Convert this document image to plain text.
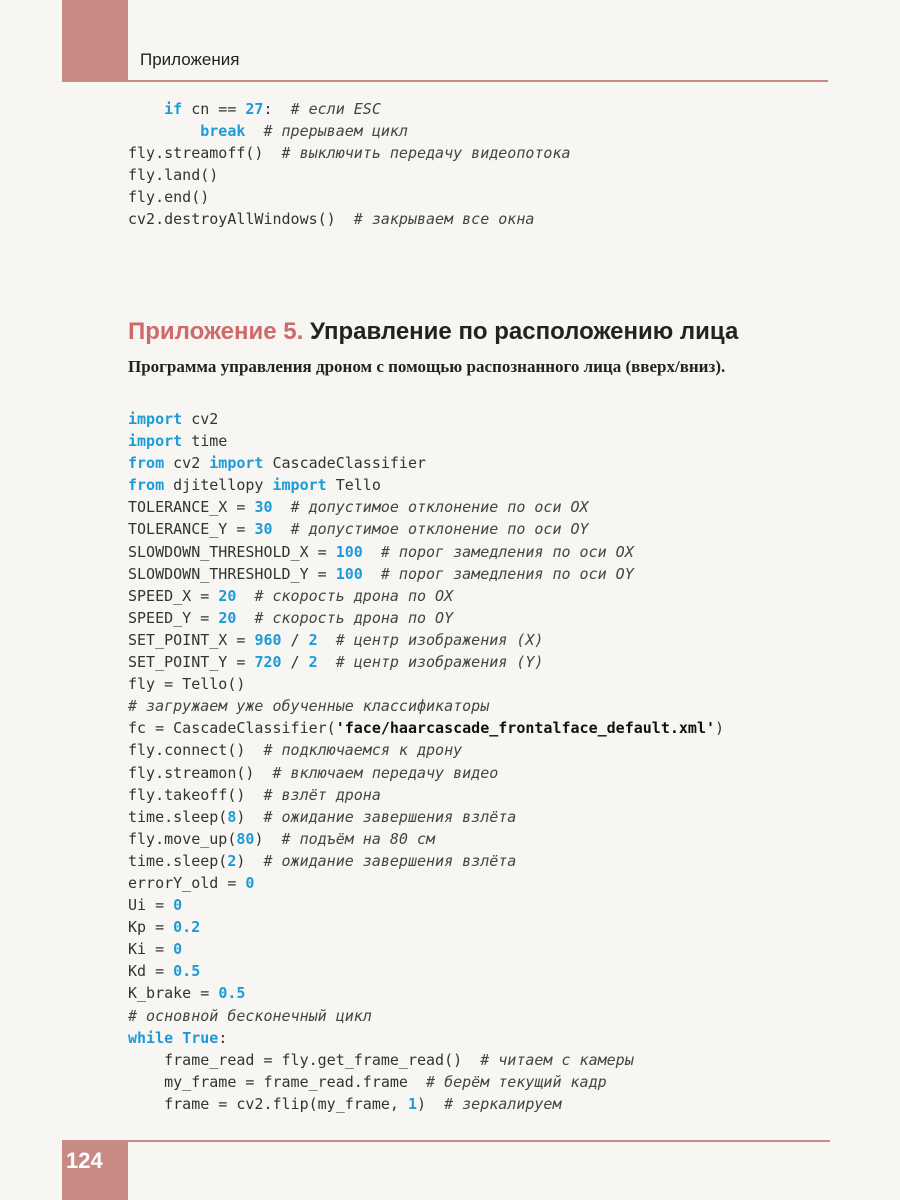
Приложения
if cn == 27:  # если ESC
break # прерываем цикл
fly.streamoff()  # выключить передачу видеопотока
fly.land()
fly.end()
cv2.destroyAllWindows()  # закрываем все окна
Приложение 5. Управление по расположению лица
Программа управления дроном с помощью распознанного лица (вверх/вниз).
import cv2
import time
from cv2 import CascadeClassifier
from djitellopy import Tello
TOLERANCE_X = 30 # допустимое отклонение по оси OX
TOLERANCE_Y = 30 # допустимое отклонение по оси OY
SLOWDOWN_THRESHOLD_X = 100 # порог замедления по оси OX
SLOWDOWN_THRESHOLD_Y = 100 # порог замедления по оси OY
SPEED_X = 20 # скорость дрона по OX
SPEED_Y = 20 # скорость дрона по OY
SET_POINT_X = 960 / 2 # центр изображения (X)
SET_POINT_Y = 720 / 2 # центр изображения (Y)
fly = Tello()
# загружаем уже обученные классификаторы
fc = CascadeClassifier('face/haarcascade_frontalface_default.xml')
fly.connect()  # подключаемся к дрону
fly.streamon()  # включаем передачу видео
fly.takeoff()  # взлёт дрона
time.sleep(8)  # ожидание завершения взлёта
fly.move_up(80)  # подъём на 80 см
time.sleep(2)  # ожидание завершения взлёта
errorY_old = 0
Ui = 0
Kp = 0.2
Ki = 0
Kd = 0.5
K_brake = 0.5
# основной бесконечный цикл
while True:
frame_read = fly.get_frame_read()  # читаем с камеры
my_frame = frame_read.frame  # берём текущий кадр
frame = cv2.flip(my_frame, 1)  # зеркалируем
124
